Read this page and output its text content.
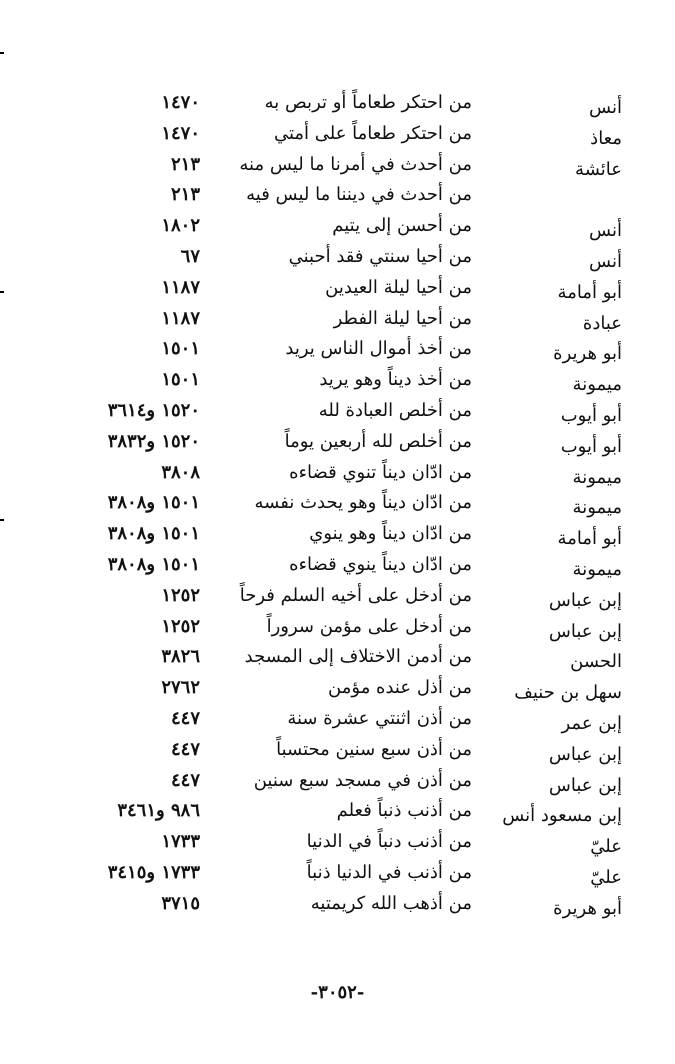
أنس
من احتكر طعاماً أو تربص به
١٤٧٠
معاذ
من احتكر طعاماً على أمتي
١٤٧٠
عائشة
من أحدث في أمرنا ما ليس منه
٢١٣
من أحدث في ديننا ما ليس فيه
٢١٣
أنس
من أحسن إلى يتيم
١٨٠٢
أنس
من أحيا سنتي فقد أحبني
٦٧
أبو أمامة
من أحيا ليلة العيدين
١١٨٧
عبادة
من أحيا ليلة الفطر
١١٨٧
أبو هريرة
من أخذ أموال الناس يريد
١٥٠١
ميمونة
من أخذ ديناً وهو يريد
١٥٠١
أبو أيوب
من أخلص العبادة لله
١٥٢٠ و٣٦١٤
أبو أيوب
من أخلص لله أربعين يوماً
١٥٢٠ و٣٨٣٢
ميمونة
من ادّان ديناً تنوي قضاءه
٣٨٠٨
ميمونة
من ادّان ديناً وهو يحدث نفسه
١٥٠١ و٣٨٠٨
أبو أمامة
من ادّان ديناً وهو ينوي
١٥٠١ و٣٨٠٨
ميمونة
من ادّان ديناً ينوي قضاءه
١٥٠١ و٣٨٠٨
إبن عباس
من أدخل على أخيه السلم فرحاً
١٢٥٢
إبن عباس
من أدخل على مؤمن سروراً
١٢٥٢
الحسن
من أدمن الاختلاف إلى المسجد
٣٨٢٦
سهل بن حنيف
من أذل عنده مؤمن
٢٧٦٢
إبن عمر
من أذن اثنتي عشرة سنة
٤٤٧
إبن عباس
من أذن سبع سنين محتسباً
٤٤٧
إبن عباس
من أذن في مسجد سبع سنين
٤٤٧
إبن مسعود أنس
من أذنب ذنباً فعلم
٩٨٦ و٣٤٦١
عليّ
من أذنب دنباً في الدنيا
١٧٣٣
عليّ
من أذنب في الدنيا ذنباً
١٧٣٣ و٣٤١٥
أبو هريرة
من أذهب الله كريمتيه
٣٧١٥
-٣٠٥٢-
